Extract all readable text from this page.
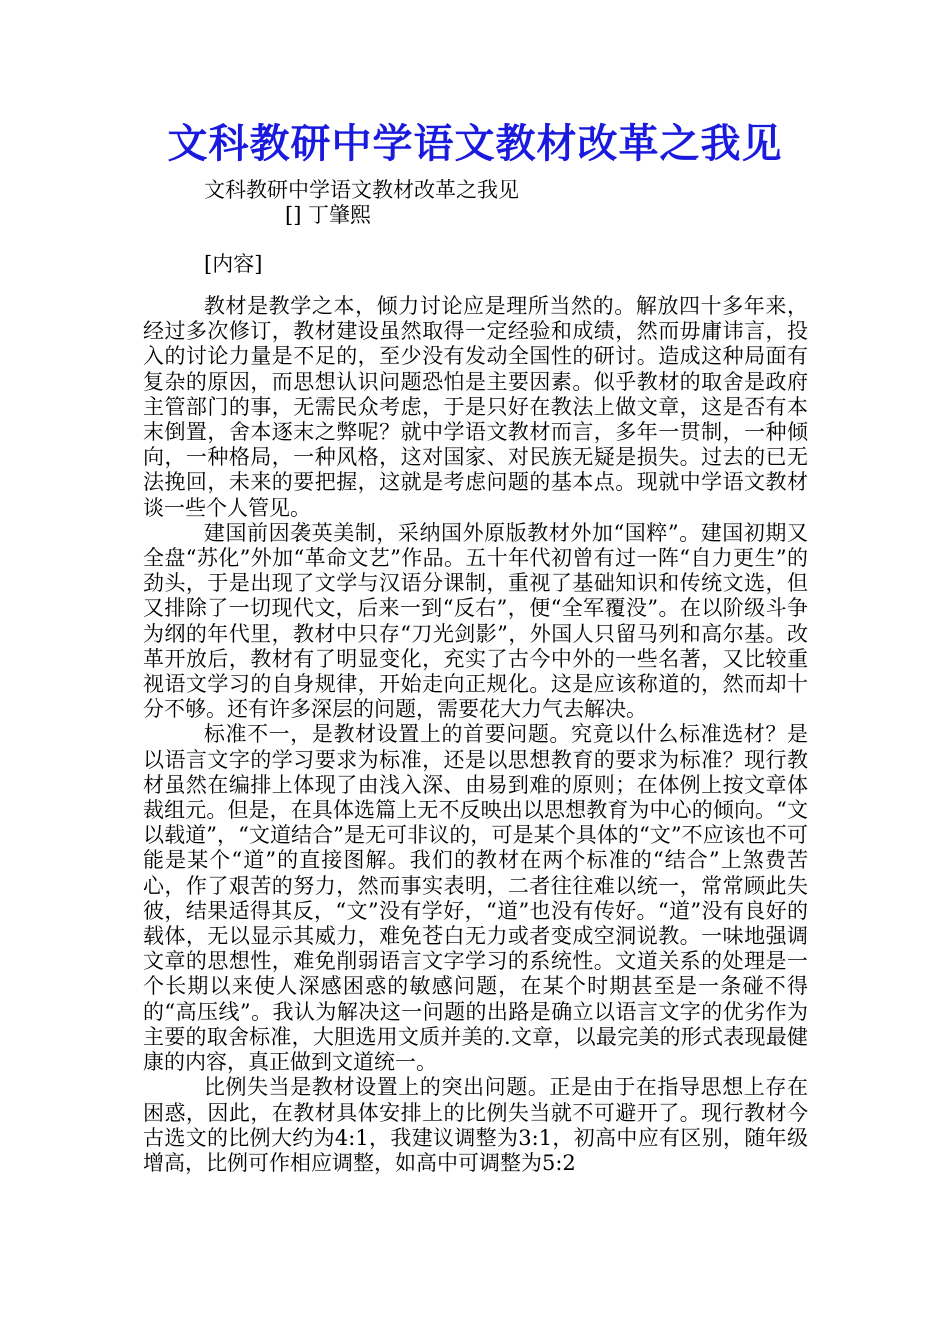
文科教研中学语文教材改革之我见
文科教研中学语文教材改革之我见
[] 丁肇熙
[内容]

教材是教学之本，倾力讨论应是理所当然的。解放四十多年来，经过多次修订，教材建设虽然取得一定经验和成绩，然而毋庸讳言，投入的讨论力量是不足的，至少没有发动全国性的研讨。造成这种局面有复杂的原因，而思想认识问题恐怕是主要因素。似乎教材的取舍是政府主管部门的事，无需民众考虑，于是只好在教法上做文章，这是否有本末倒置，舍本逐末之弊呢？就中学语文教材而言，多年一贯制，一种倾向，一种格局，一种风格，这对国家、对民族无疑是损失。过去的已无法挽回，未来的要把握，这就是考虑问题的基本点。现就中学语文教材谈一些个人管见。

建国前因袭英美制，采纳国外原版教材外加“国粹”。建国初期又全盘“苏化”外加“革命文艺”作品。五十年代初曾有过一阵“自力更生”的劲头，于是出现了文学与汉语分课制，重视了基础知识和传统文选，但又排除了一切现代文，后来一到“反右”，便“全军覆没”。在以阶级斗争为纲的年代里，教材中只存“刀光剑影”，外国人只留马列和高尔基。改革开放后，教材有了明显变化，充实了古今中外的一些名著，又比较重视语文学习的自身规律，开始走向正规化。这是应该称道的，然而却十分不够。还有许多深层的问题，需要花大力气去解决。

标准不一，是教材设置上的首要问题。究竟以什么标准选材？是以语言文字的学习要求为标准，还是以思想教育的要求为标准？现行教材虽然在编排上体现了由浅入深、由易到难的原则；在体例上按文章体裁组元。但是，在具体选篇上无不反映出以思想教育为中心的倾向。“文以载道”，“文道结合”是无可非议的，可是某个具体的“文”不应该也不可能是某个“道”的直接图解。我们的教材在两个标准的“结合”上煞费苦心，作了艰苦的努力，然而事实表明，二者往往难以统一，常常顾此失彼，结果适得其反，“文”没有学好，“道”也没有传好。“道”没有良好的载体，无以显示其威力，难免苍白无力或者变成空洞说教。一味地强调文章的思想性，难免削弱语言文字学习的系统性。文道关系的处理是一个长期以来使人深感困惑的敏感问题，在某个时期甚至是一条碰不得的“高压线”。我认为解决这一问题的出路是确立以语言文字的优劣作为主要的取舍标准，大胆选用文质并美的.文章，以最完美的形式表现最健康的内容，真正做到文道统一。

比例失当是教材设置上的突出问题。正是由于在指导思想上存在困惑，因此，在教材具体安排上的比例失当就不可避开了。现行教材今古选文的比例大约为4:1，我建议调整为3:1，初高中应有区别，随年级增高，比例可作相应调整，如高中可调整为5:2
